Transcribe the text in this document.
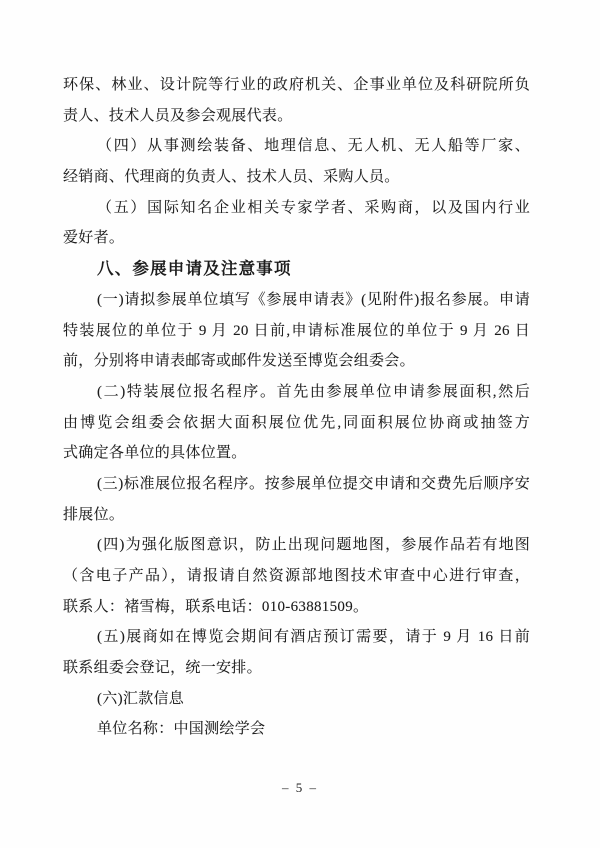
环保、林业、设计院等行业的政府机关、企事业单位及科研院所负
责人、技术人员及参会观展代表。
（四）从事测绘装备、地理信息、无人机、无人船等厂家、
经销商、代理商的负责人、技术人员、采购人员。
（五）国际知名企业相关专家学者、采购商，以及国内行业
爱好者。
八、参展申请及注意事项
(一)请拟参展单位填写《参展申请表》(见附件)报名参展。申请
特装展位的单位于 9 月 20 日前,申请标准展位的单位于 9 月 26 日
前，分别将申请表邮寄或邮件发送至博览会组委会。
(二)特装展位报名程序。首先由参展单位申请参展面积,然后
由博览会组委会依据大面积展位优先,同面积展位协商或抽签方
式确定各单位的具体位置。
(三)标准展位报名程序。按参展单位提交申请和交费先后顺序安
排展位。
(四)为强化版图意识，防止出现问题地图，参展作品若有地图
（含电子产品），请报请自然资源部地图技术审查中心进行审查，
联系人：褚雪梅，联系电话：010-63881509。
(五)展商如在博览会期间有酒店预订需要，请于 9 月 16 日前
联系组委会登记，统一安排。
(六)汇款信息
单位名称：中国测绘学会
– 5 –
